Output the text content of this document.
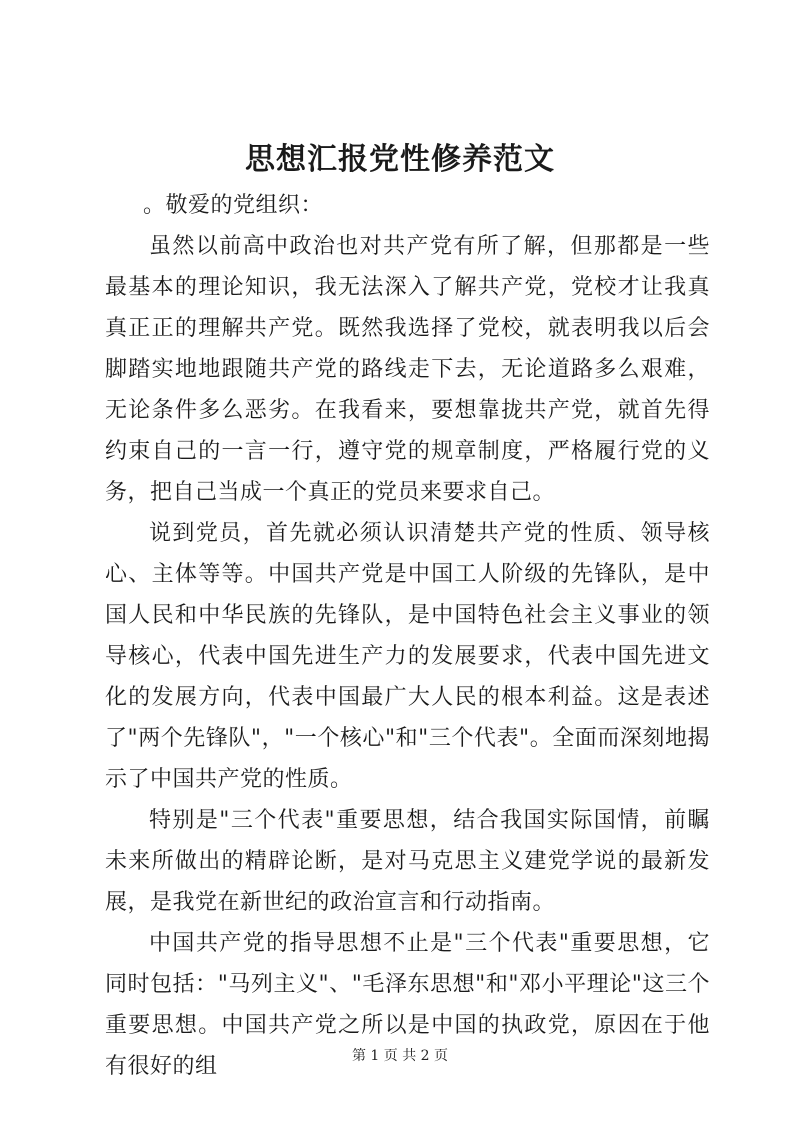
思想汇报党性修养范文

。敬爱的党组织：

虽然以前高中政治也对共产党有所了解，但那都是一些最基本的理论知识，我无法深入了解共产党，党校才让我真真正正的理解共产党。既然我选择了党校，就表明我以后会脚踏实地地跟随共产党的路线走下去，无论道路多么艰难，无论条件多么恶劣。在我看来，要想靠拢共产党，就首先得约束自己的一言一行，遵守党的规章制度，严格履行党的义务，把自己当成一个真正的党员来要求自己。

说到党员，首先就必须认识清楚共产党的性质、领导核心、主体等等。中国共产党是中国工人阶级的先锋队，是中国人民和中华民族的先锋队，是中国特色社会主义事业的领导核心，代表中国先进生产力的发展要求，代表中国先进文化的发展方向，代表中国最广大人民的根本利益。这是表述了"两个先锋队"，"一个核心"和"三个代表"。全面而深刻地揭示了中国共产党的性质。

特别是"三个代表"重要思想，结合我国实际国情，前瞩未来所做出的精辟论断，是对马克思主义建党学说的最新发展，是我党在新世纪的政治宣言和行动指南。

中国共产党的指导思想不止是"三个代表"重要思想，它同时包括："马列主义"、"毛泽东思想"和"邓小平理论"这三个重要思想。中国共产党之所以是中国的执政党，原因在于他有很好的组	第 1 页 共 2 页
